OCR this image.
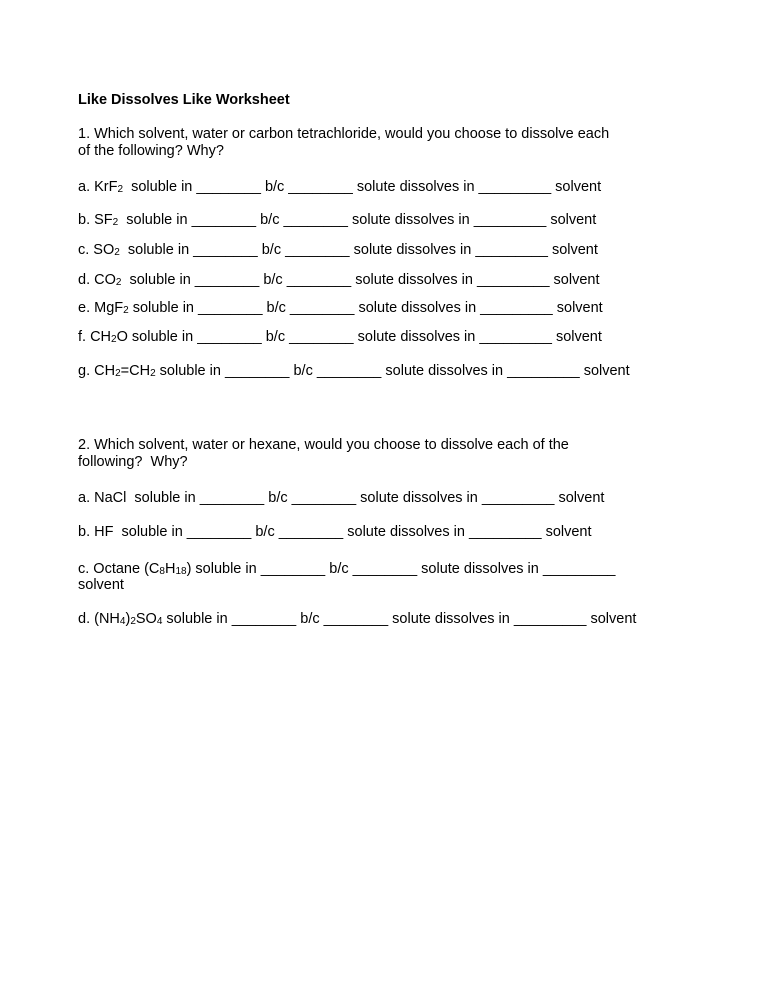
Like Dissolves Like Worksheet
1. Which solvent, water or carbon tetrachloride, would you choose to dissolve each
of the following? Why?
a. KrF$_2$  soluble in ________ b/c ________ solute dissolves in _________ solvent
b. $SF_2$  soluble in ________ b/c ________ solute dissolves in _________ solvent
c. $SO_2$  soluble in ________ b/c ________ solute dissolves in _________ solvent
d. $CO_2$  soluble in ________ b/c ________ solute dissolves in _________ solvent
e. MgF$_2$ soluble in ________ b/c ________ solute dissolves in _________ solvent
f. $CH_2O$ soluble in ________ b/c ________ solute dissolves in _________ solvent
g. $CH_2=CH_2$ soluble in ________ b/c ________ solute dissolves in _________ solvent
2. Which solvent, water or hexane, would you choose to dissolve each of the
following?  Why?
a. NaCl  soluble in ________ b/c ________ solute dissolves in _________ solvent
b. HF  soluble in ________ b/c ________ solute dissolves in _________ solvent
c. Octane $(C_8H_{18})$ soluble in ________ b/c ________ solute dissolves in _________
solvent
d. $(NH_4)_2SO_4$ soluble in ________ b/c ________ solute dissolves in _________ solvent
